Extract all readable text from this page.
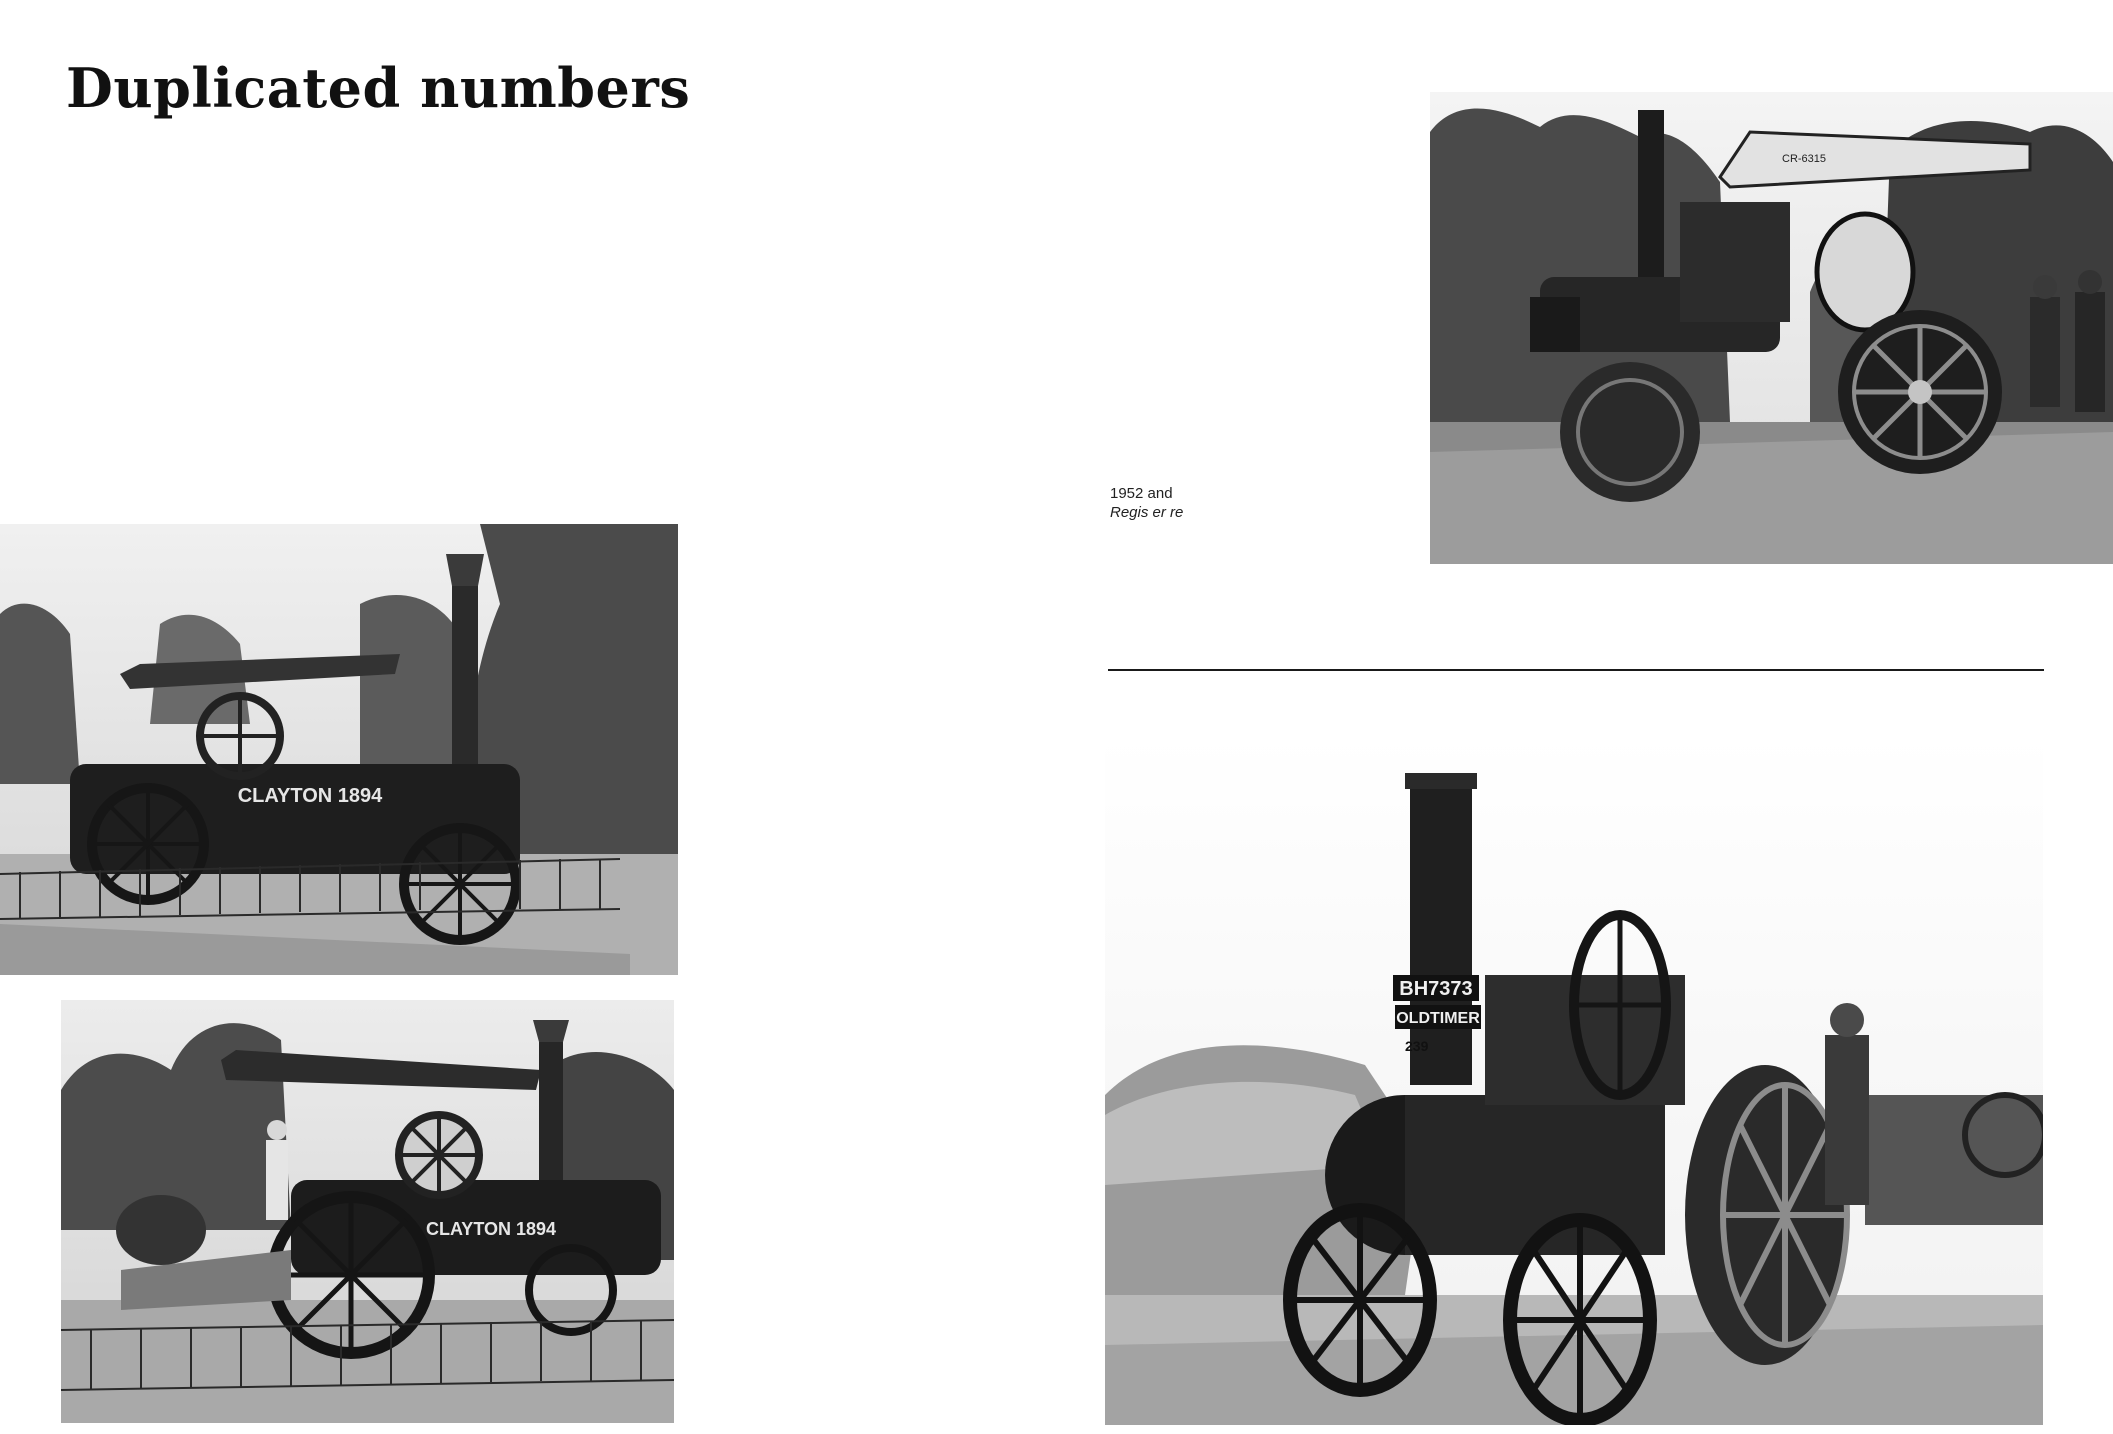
Duplicated numbers
CR-6315
CLAYTON 1894
CLAYTON 1894
1952 and
Regis er re
BH7373
OLDTIMER
239
